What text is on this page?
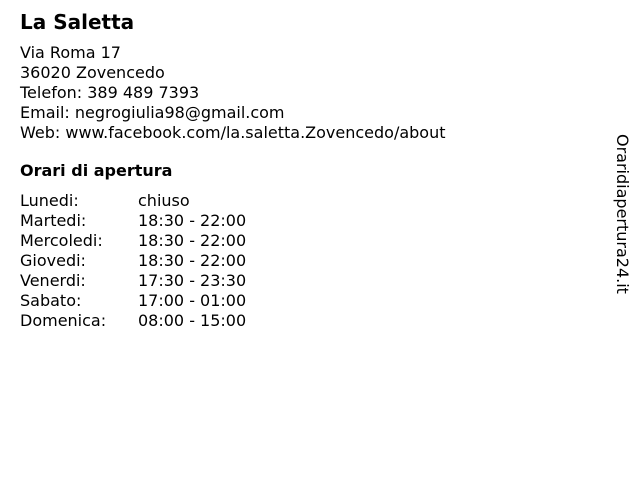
La Saletta
Via Roma 17
36020 Zovencedo
Telefon: 389 489 7393
Email: negrogiulia98@gmail.com
Web: www.facebook.com/la.saletta.Zovencedo/about
Orari di apertura
Lunedi:	chiuso
Martedi:	18:30 - 22:00
Mercoledi:	18:30 - 22:00
Giovedi:	18:30 - 22:00
Venerdi:	17:30 - 23:30
Sabato:	17:00 - 01:00
Domenica:	08:00 - 15:00
Oraridiapertura24.it
